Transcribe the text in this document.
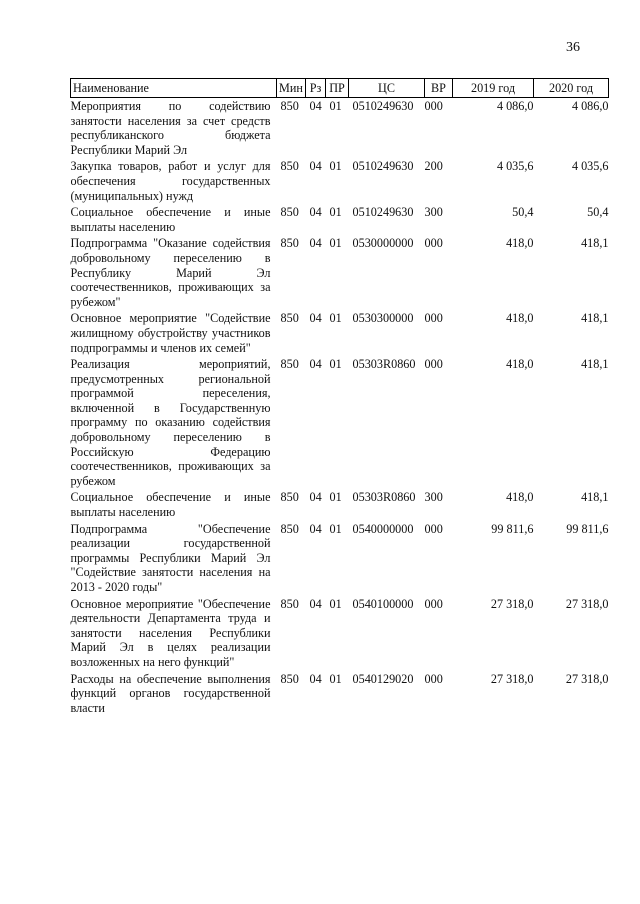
36
Наименование	Мин	Рз	ПР	ЦС	ВР	2019 год	2020 год

Мероприятия по содействию занятости населения за счет средств республиканского бюджета Республики Марий Эл	850	04	01	0510249630	000	4 086,0	4 086,0

Закупка товаров, работ и услуг для обеспечения государственных (муниципальных) нужд	850	04	01	0510249630	200	4 035,6	4 035,6

Социальное обеспечение и иные выплаты населению	850	04	01	0510249630	300	50,4	50,4

Подпрограмма "Оказание содействия добровольному переселению в Республику Марий Эл соотечественников, проживающих за рубежом"	850	04	01	0530000000	000	418,0	418,1

Основное мероприятие "Содействие жилищному обустройству участников подпрограммы и членов их семей"	850	04	01	0530300000	000	418,0	418,1

Реализация мероприятий, предусмотренных региональной программой переселения, включенной в Государственную программу по оказанию содействия добровольному переселению в Российскую Федерацию соотечественников, проживающих за рубежом	850	04	01	05303R0860	000	418,0	418,1

Социальное обеспечение и иные выплаты населению	850	04	01	05303R0860	300	418,0	418,1

Подпрограмма "Обеспечение реализации государственной программы Республики Марий Эл "Содействие занятости населения на 2013 - 2020 годы"	850	04	01	0540000000	000	99 811,6	99 811,6

Основное мероприятие "Обеспечение деятельности Департамента труда и занятости населения Республики Марий Эл в целях реализации возложенных на него функций"	850	04	01	0540100000	000	27 318,0	27 318,0

Расходы на обеспечение выполнения функций органов государственной власти	850	04	01	0540129020	000	27 318,0	27 318,0
